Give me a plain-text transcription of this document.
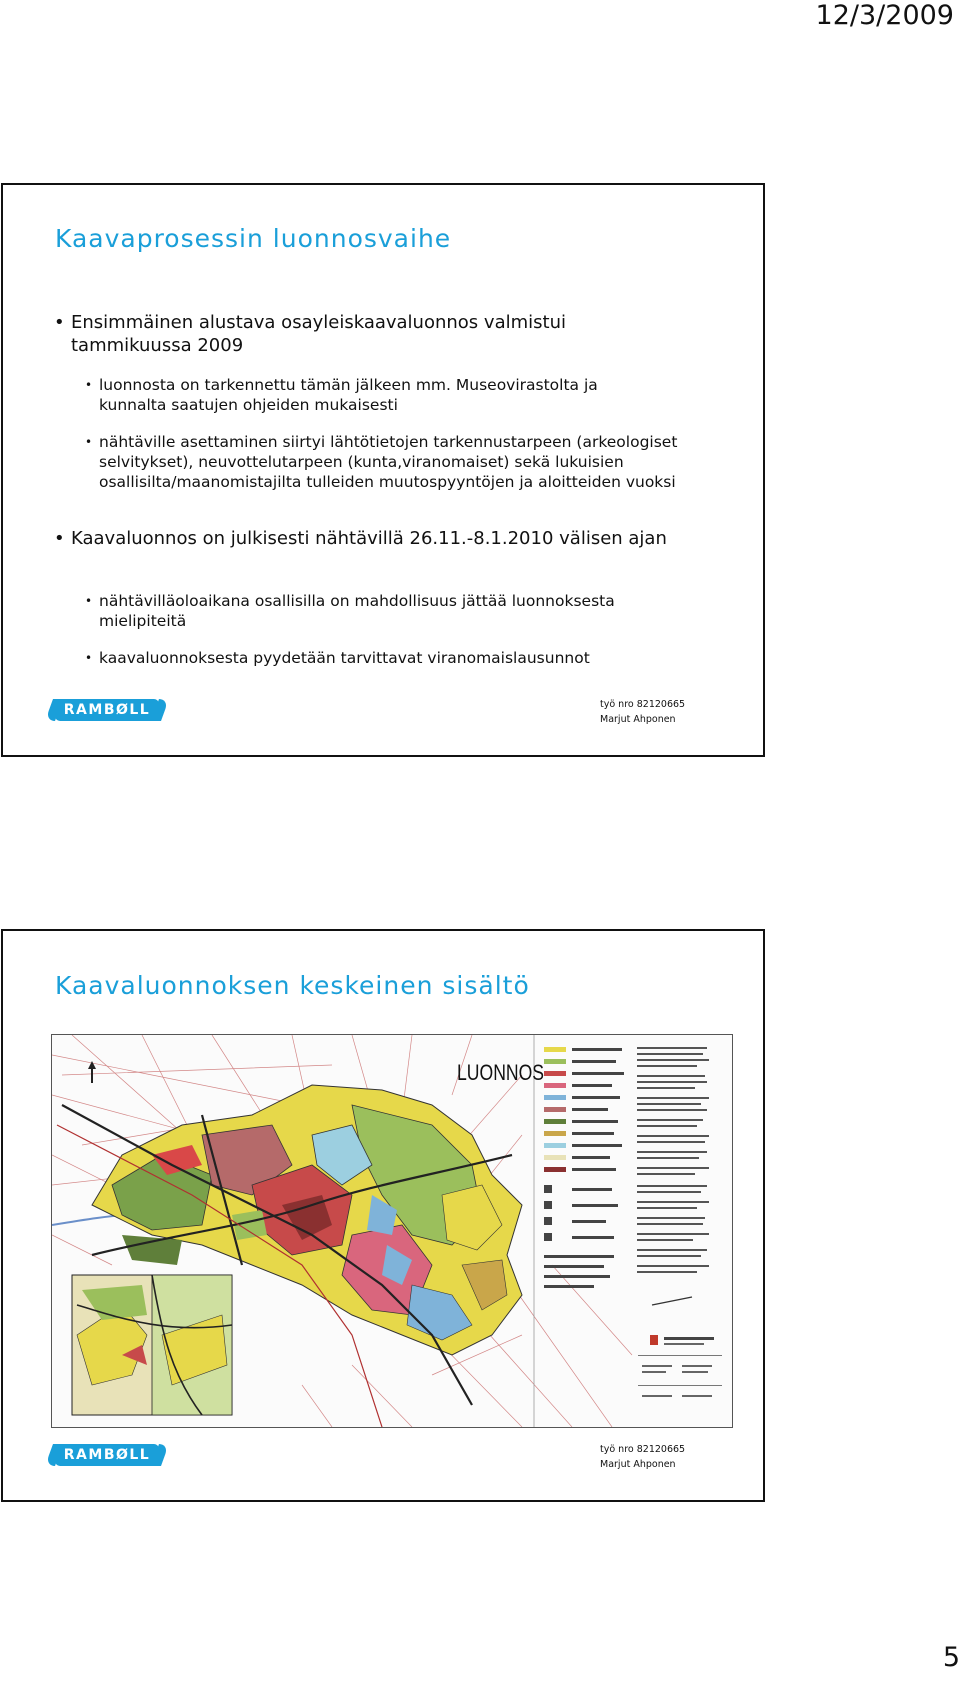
12/3/2009
Kaavaprosessin luonnosvaihe
• Ensimmäinen alustava osayleiskaavaluonnos valmistui tammikuussa 2009
• luonnosta on tarkennettu tämän jälkeen mm. Museovirastolta ja kunnalta saatujen ohjeiden mukaisesti
• nähtäville asettaminen siirtyi lähtötietojen tarkennustarpeen (arkeologiset selvitykset), neuvottelutarpeen (kunta,viranomaiset) sekä lukuisien osallisilta/maanomistajilta tulleiden muutospyyntöjen ja aloitteiden vuoksi
• Kaavaluonnos on julkisesti nähtävillä 26.11.-8.1.2010 välisen ajan
• nähtävilläoloaikana osallisilla on mahdollisuus jättää luonnoksesta mielipiteitä
• kaavaluonnoksesta pyydetään tarvittavat viranomaislausunnot
RAMBØLL	työ nro 82120665
Marjut Ahponen
Kaavaluonnoksen keskeinen sisältö
LUONNOS
RAMBØLL	työ nro 82120665
Marjut Ahponen
5
